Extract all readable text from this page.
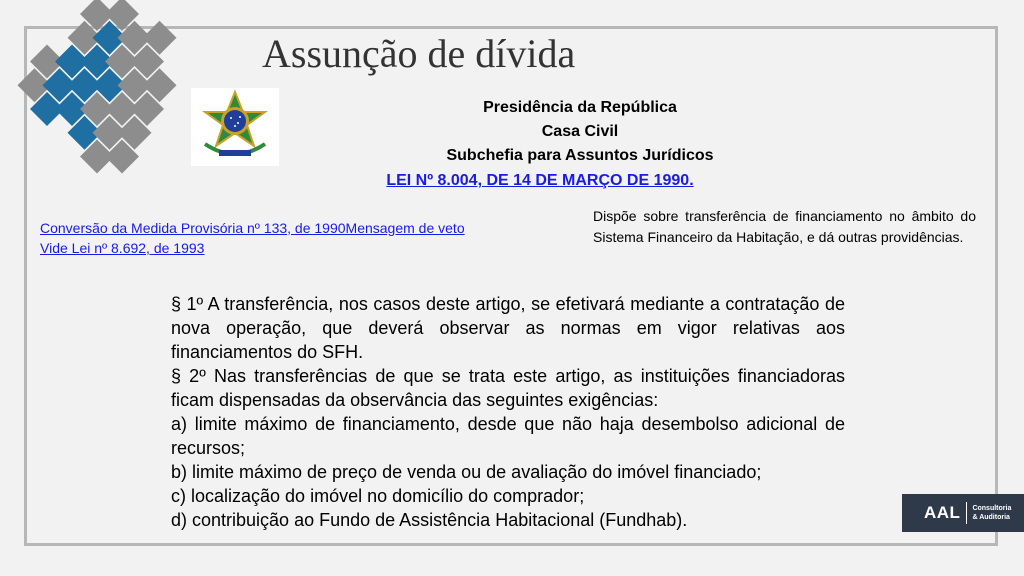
Assunção de dívida
Presidência da República
Casa Civil
Subchefia para Assuntos Jurídicos
LEI Nº 8.004, DE 14 DE MARÇO DE 1990.
Conversão da Medida Provisória nº 133, de 1990Mensagem de veto
Vide Lei nº 8.692, de 1993
Dispõe sobre transferência de financiamento no âmbito do Sistema Financeiro da Habitação, e dá outras providências.

§ 1º A transferência, nos casos deste artigo, se efetivará mediante a contratação de nova operação, que deverá observar as normas em vigor relativas aos financiamentos do SFH.

§ 2º Nas transferências de que se trata este artigo, as instituições financiadoras ficam dispensadas da observância das seguintes exigências:

a) limite máximo de financiamento, desde que não haja desembolso adicional de recursos;

b) limite máximo de preço de venda ou de avaliação do imóvel financiado;

c) localização do imóvel no domicílio do comprador;

d) contribuição ao Fundo de Assistência Habitacional (Fundhab).	AAL Consultoria
& Auditoria
